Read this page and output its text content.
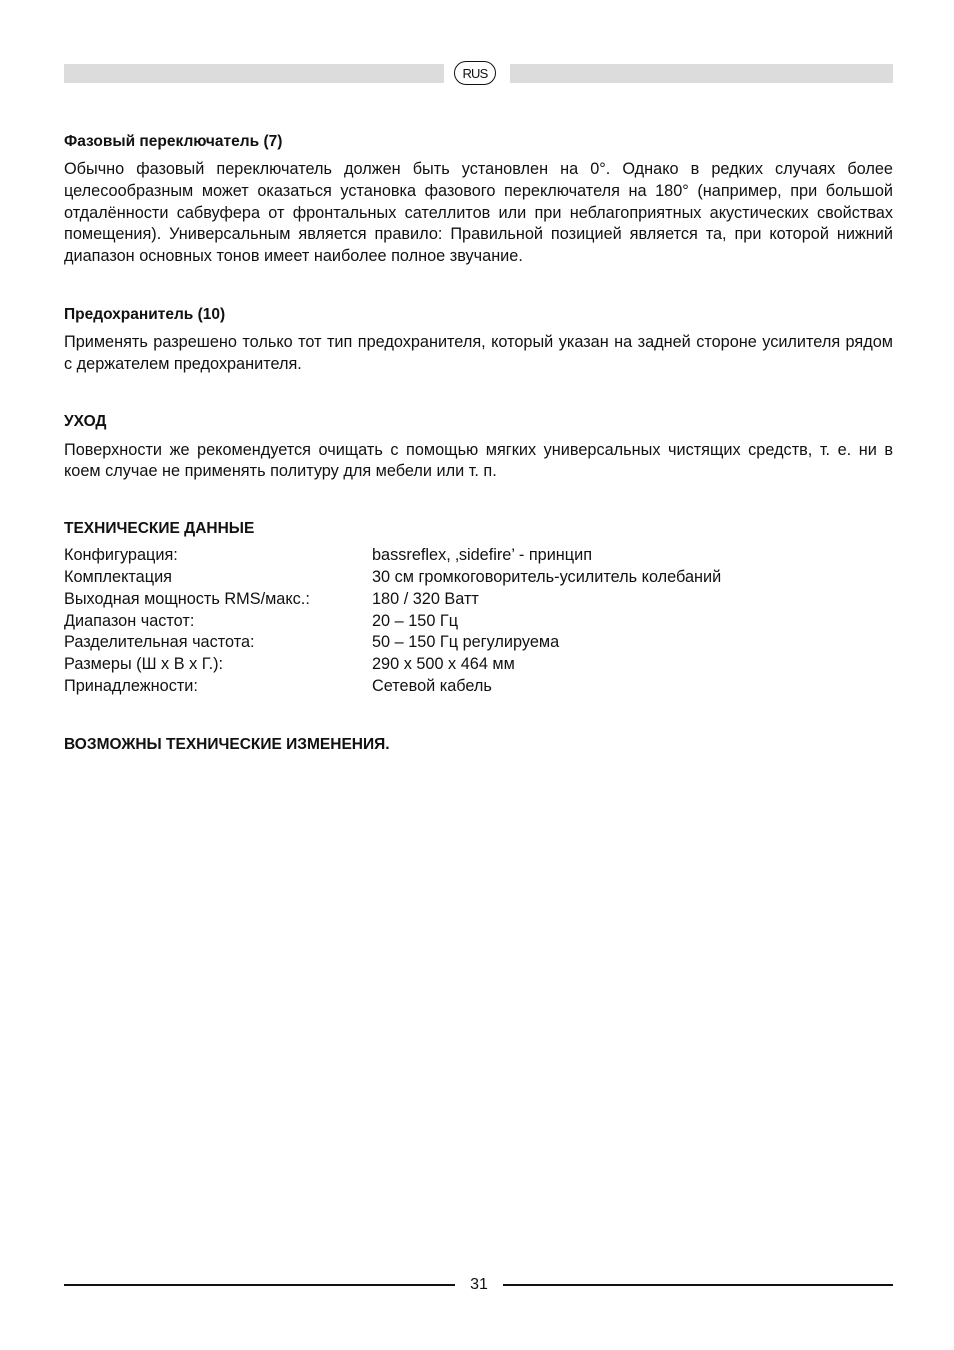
RUS
Фазовый переключатель (7)

Обычно фазовый переключатель должен быть установлен на 0°. Однако в редких случаях более целесообразным может оказаться установка фазового переключателя на 180° (например, при большой отдалённости сабвуфера от фронтальных сателлитов или при неблагоприятных акустических свойствах помещения). Универсальным является правило: Правильной позицией является та, при которой нижний диапазон основных тонов имеет наиболее полное звучание.

Предохранитель (10)

Применять разрешено только тот тип предохранителя, который указан на задней стороне усилителя рядом с держателем предохранителя.

УХОД

Поверхности же рекомендуется очищать с помощью мягких универсальных чистящих средств, т. е. ни в коем случае не применять политуру для мебели или т. п.

ТЕХНИЧЕСКИЕ ДАННЫЕ
Конфигурация:	bassreflex, ‚sidefire’ - принцип
Комплектация	30 см громкоговоритель-усилитель колебаний
Выходная мощность RMS/макс.:	180 / 320 Ватт
Диапазон частот:	20 – 150 Гц
Разделительная частота:	50 – 150 Гц регулируема
Размеры (Ш x В x Г.):	290 x 500 x 464 мм
Принадлежности:	Сетевой кабель
ВОЗМОЖНЫ ТЕХНИЧЕСКИЕ ИЗМЕНЕНИЯ.
31
